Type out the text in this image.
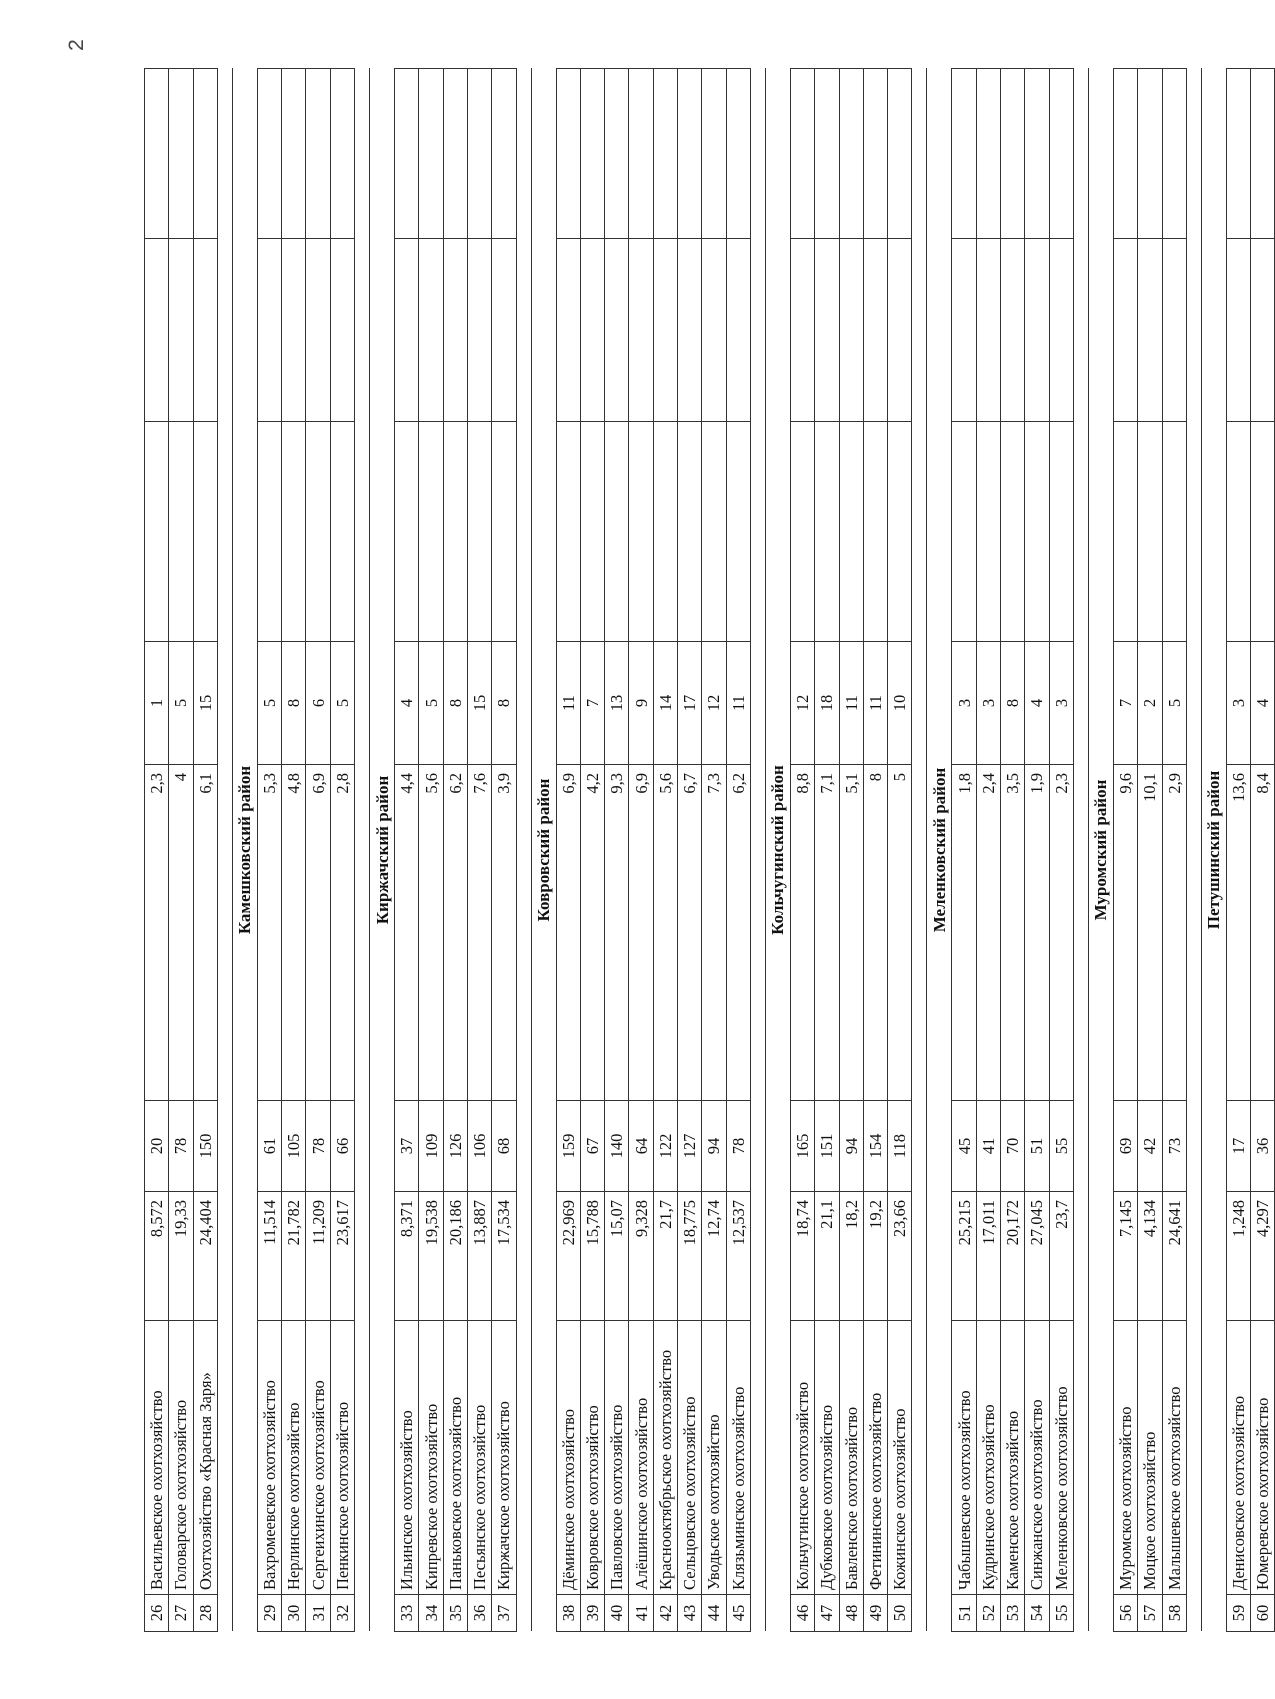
2
26	Васильевское охотхозяйство	8,572	20	2,3	1			
27	Головарское охотхозяйство	19,33	78	4	5			
28	Охотхозяйство «Красная Заря»	24,404	150	6,1	15			

Камешковский район								
29	Вахромеевское охотхозяйство	11,514	61	5,3	5			
30	Нерлинское охотхозяйство	21,782	105	4,8	8			
31	Сергеихинское охотхозяйство	11,209	78	6,9	6			
32	Пенкинское охотхозяйство	23,617	66	2,8	5			

Киржачский район								
33	Ильинское охотхозяйство	8,371	37	4,4	4			
34	Кипревское охотхозяйство	19,538	109	5,6	5			
35	Паньковское охотхозяйство	20,186	126	6,2	8			
36	Песьянское охотхозяйство	13,887	106	7,6	15			
37	Киржачское охотхозяйство	17,534	68	3,9	8			

Ковровский район								
38	Дёминское охотхозяйство	22,969	159	6,9	11			
39	Ковровское охотхозяйство	15,788	67	4,2	7			
40	Павловское охотхозяйство	15,07	140	9,3	13			
41	Алёшинское охотхозяйство	9,328	64	6,9	9			
42	Краснооктябрьское охотхозяйство	21,7	122	5,6	14			
43	Сельцовское охотхозяйство	18,775	127	6,7	17			
44	Уводьское охотхозяйство	12,74	94	7,3	12			
45	Клязьминское охотхозяйство	12,537	78	6,2	11			

Кольчугинский район								
46	Кольчугинское охотхозяйство	18,74	165	8,8	12			
47	Дубковское охотхозяйство	21,1	151	7,1	18			
48	Бавленское охотхозяйство	18,2	94	5,1	11			
49	Фетининское охотхозяйство	19,2	154	8	11			
50	Кожинское охотхозяйство	23,66	118	5	10			

Меленковский район								
51	Чабышевское охотхозяйство	25,215	45	1,8	3			
52	Кудринское охотхозяйство	17,011	41	2,4	3			
53	Каменское охотхозяйство	20,172	70	3,5	8			
54	Синжанское охотхозяйство	27,045	51	1,9	4			
55	Меленковское охотхозяйство	23,7	55	2,3	3			

Муромский район								
56	Муромское охотхозяйство	7,145	69	9,6	7			
57	Моцкое охотхозяйство	4,134	42	10,1	2			
58	Малышевское охотхозяйство	24,641	73	2,9	5			

Петушинский район								
59	Денисовское охотхозяйство	1,248	17	13,6	3			
60	Юмеревское охотхозяйство	4,297	36	8,4	4			
